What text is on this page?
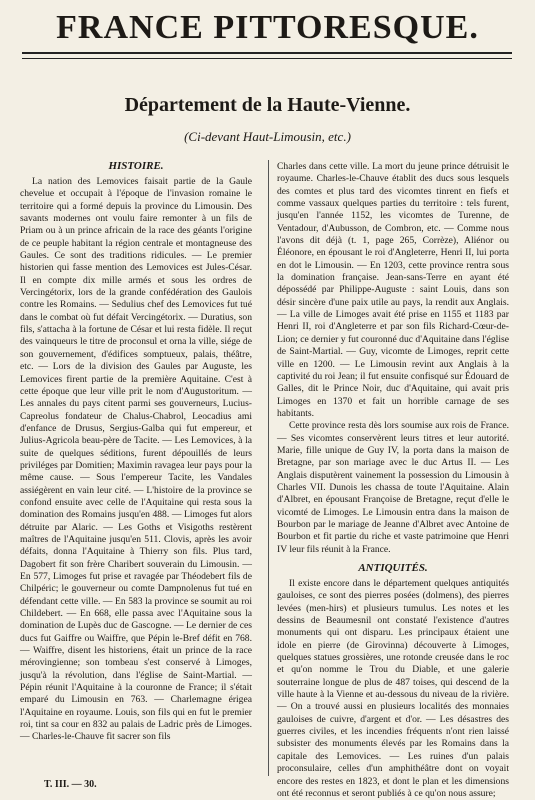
FRANCE PITTORESQUE.
Département de la Haute-Vienne.
(Ci-devant Haut-Limousin, etc.)
HISTOIRE.

La nation des Lemovices faisait partie de la Gaule chevelue et occupait à l'époque de l'invasion romaine le territoire qui a formé depuis la province du Limousin. Des savants modernes ont voulu faire remonter à un fils de Priam ou à un prince africain de la race des géants l'origine de ce peuple habitant la région centrale et montagneuse des Gaules. Ce sont des traditions ridicules. — Le premier historien qui fasse mention des Lemovices est Jules-César. Il en compte dix mille armés et sous les ordres de Vercingétorix, lors de la grande confédération des Gaulois contre les Romains. — Sedulius chef des Lemovices fut tué dans le combat où fut défait Vercingétorix. — Duratius, son fils, s'attacha à la fortune de César et lui resta fidèle. Il reçut des vainqueurs le titre de proconsul et orna la ville, siége de son gouvernement, d'édifices somptueux, palais, théâtre, etc. — Lors de la division des Gaules par Auguste, les Lemovices firent partie de la première Aquitaine. C'est à cette époque que leur ville prit le nom d'Augustoritum. — Les annales du pays citent parmi ses gouverneurs, Lucius-Capreolus fondateur de Chalus-Chabrol, Leocadius ami d'enfance de Drusus, Sergius-Galba qui fut empereur, et Julius-Agricola beau-père de Tacite. — Les Lemovices, à la suite de quelques séditions, furent dépouillés de leurs priviléges par Domitien; Maximin ravagea leur pays pour la même cause. — Sous l'empereur Tacite, les Vandales assiégèrent en vain leur cité. — L'histoire de la province se confond ensuite avec celle de l'Aquitaine qui resta sous la domination des Romains jusqu'en 488. — Limoges fut alors détruite par Alaric. — Les Goths et Visigoths restèrent maîtres de l'Aquitaine jusqu'en 511. Clovis, après les avoir défaits, donna l'Aquitaine à Thierry son fils. Plus tard, Dagobert fit son frère Charibert souverain du Limousin. — En 577, Limoges fut prise et ravagée par Théodebert fils de Chilpéric; le gouverneur ou comte Dampnolenus fut tué en défendant cette ville. — En 583 la province se soumit au roi Childebert. — En 668, elle passa avec l'Aquitaine sous la domination de Lupès duc de Gascogne. — Le dernier de ces ducs fut Gaiffre ou Waiffre, que Pépin le-Bref défit en 768. — Waiffre, disent les historiens, était un prince de la race mérovingienne; son tombeau s'est conservé à Limoges, jusqu'à la révolution, dans l'église de Saint-Martial. — Pépin réunit l'Aquitaine à la couronne de France; il s'était emparé du Limousin en 763. — Charlemagne érigea l'Aquitaine en royaume. Louis, son fils qui en fut le premier roi, tint sa cour en 832 au palais de Ladric près de Limoges. — Charles-le-Chauve fit sacrer son fils

Charles dans cette ville. La mort du jeune prince détruisit le royaume. Charles-le-Chauve établit des ducs sous lesquels des comtes et plus tard des vicomtes tinrent en fiefs et comme vassaux quelques parties du territoire : tels furent, jusqu'en l'année 1152, les vicomtes de Turenne, de Ventadour, d'Aubusson, de Combron, etc. — Comme nous l'avons dit déjà (t. 1, page 265, Corrèze), Aliénor ou Éléonore, en épousant le roi d'Angleterre, Henri II, lui porta en dot le Limousin. — En 1203, cette province rentra sous la domination française. Jean-sans-Terre en ayant été dépossédé par Philippe-Auguste : saint Louis, dans son désir sincère d'une paix utile au pays, la rendit aux Anglais. — La ville de Limoges avait été prise en 1155 et 1183 par Henri II, roi d'Angleterre et par son fils Richard-Cœur-de-Lion; ce dernier y fut couronné duc d'Aquitaine dans l'église de Saint-Martial. — Guy, vicomte de Limoges, reprit cette ville en 1200. — Le Limousin revint aux Anglais à la captivité du roi Jean; il fut ensuite confisqué sur Édouard de Galles, dit le Prince Noir, duc d'Aquitaine, qui avait pris Limoges en 1370 et fait un horrible carnage de ses habitants.

Cette province resta dès lors soumise aux rois de France. — Ses vicomtes conservèrent leurs titres et leur autorité. Marie, fille unique de Guy IV, la porta dans la maison de Bretagne, par son mariage avec le duc Artus II. — Les Anglais disputèrent vainement la possession du Limousin à Charles VII. Dunois les chassa de toute l'Aquitaine. Alain d'Albret, en épousant Françoise de Bretagne, reçut d'elle le vicomté de Limoges. Le Limousin entra dans la maison de Bourbon par le mariage de Jeanne d'Albret avec Antoine de Bourbon et fit partie du riche et vaste patrimoine que Henri IV leur fils réunit à la France.

ANTIQUITÉS.

Il existe encore dans le département quelques antiquités gauloises, ce sont des pierres posées (dolmens), des pierres levées (men-hirs) et plusieurs tumulus. Les notes et les dessins de Beaumesnil ont constaté l'existence d'autres monuments qui ont disparu. Les principaux étaient une idole en pierre (de Girovinna) découverte à Limoges, quelques statues grossières, une rotonde creusée dans le roc et qu'on nomme le Trou du Diable, et une galerie souterraine longue de plus de 487 toises, qui descend de la ville haute à la Vienne et au-dessous du niveau de la rivière. — On a trouvé aussi en plusieurs localités des monnaies gauloises de cuivre, d'argent et d'or. — Les désastres des guerres civiles, et les incendies fréquents n'ont rien laissé subsister des monuments élevés par les Romains dans la capitale des Lemovices. — Les ruines d'un palais proconsulaire, celles d'un amphithéâtre dont on voyait encore des restes en 1823, et dont le plan et les dimensions ont été reconnus et seront publiés à ce qu'on nous assure;

T. III. — 30.
